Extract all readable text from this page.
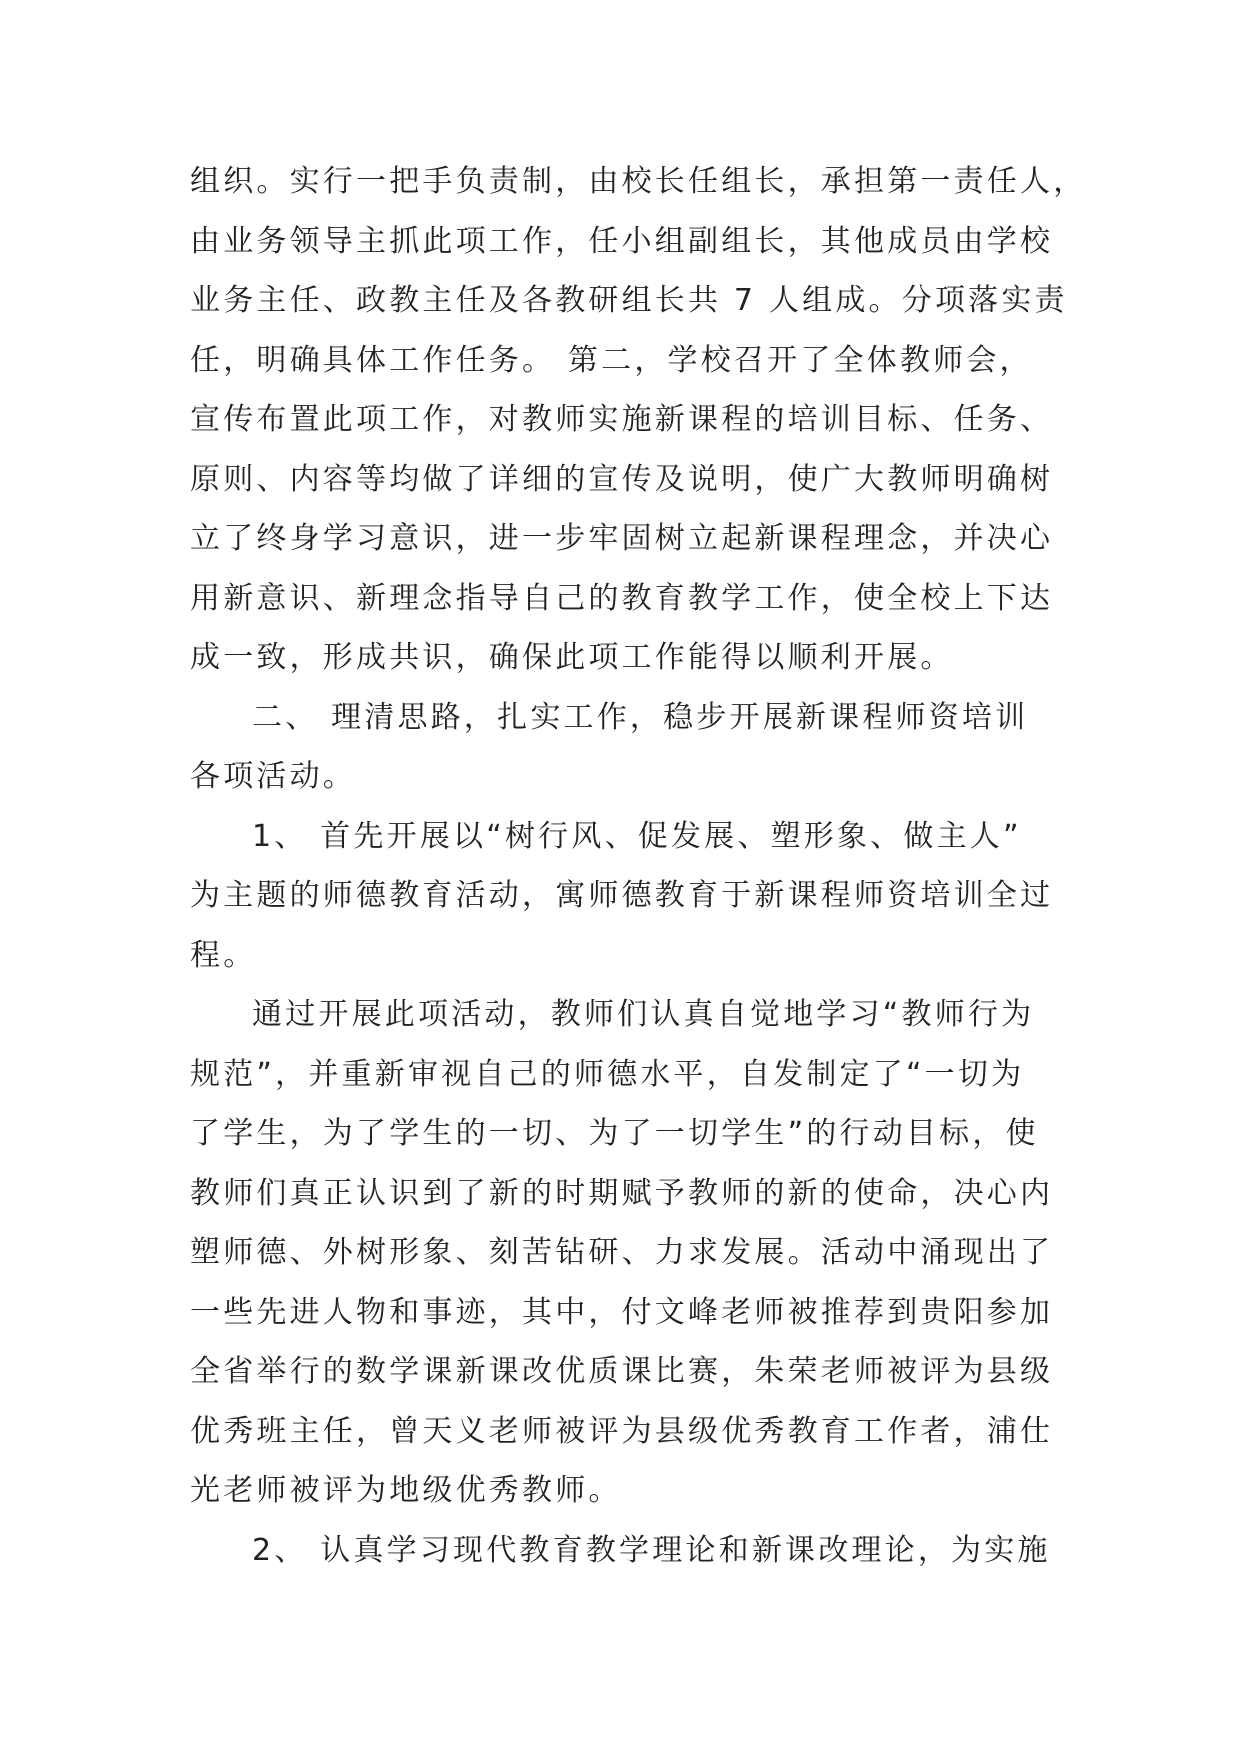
组织。实行一把手负责制，由校长任组长，承担第一责任人，
由业务领导主抓此项工作，任小组副组长，其他成员由学校
业务主任、政教主任及各教研组长共 7 人组成。分项落实责
任，明确具体工作任务。 第二，学校召开了全体教师会，
宣传布置此项工作，对教师实施新课程的培训目标、任务、
原则、内容等均做了详细的宣传及说明，使广大教师明确树
立了终身学习意识，进一步牢固树立起新课程理念，并决心
用新意识、新理念指导自己的教育教学工作，使全校上下达
成一致，形成共识，确保此项工作能得以顺利开展。
二、 理清思路，扎实工作，稳步开展新课程师资培训
各项活动。
1、 首先开展以“树行风、促发展、塑形象、做主人”
为主题的师德教育活动，寓师德教育于新课程师资培训全过
程。
通过开展此项活动，教师们认真自觉地学习“教师行为
规范”，并重新审视自己的师德水平，自发制定了“一切为
了学生，为了学生的一切、为了一切学生”的行动目标，使
教师们真正认识到了新的时期赋予教师的新的使命，决心内
塑师德、外树形象、刻苦钻研、力求发展。活动中涌现出了
一些先进人物和事迹，其中，付文峰老师被推荐到贵阳参加
全省举行的数学课新课改优质课比赛，朱荣老师被评为县级
优秀班主任，曾天义老师被评为县级优秀教育工作者，浦仕
光老师被评为地级优秀教师。
2、 认真学习现代教育教学理论和新课改理论，为实施
